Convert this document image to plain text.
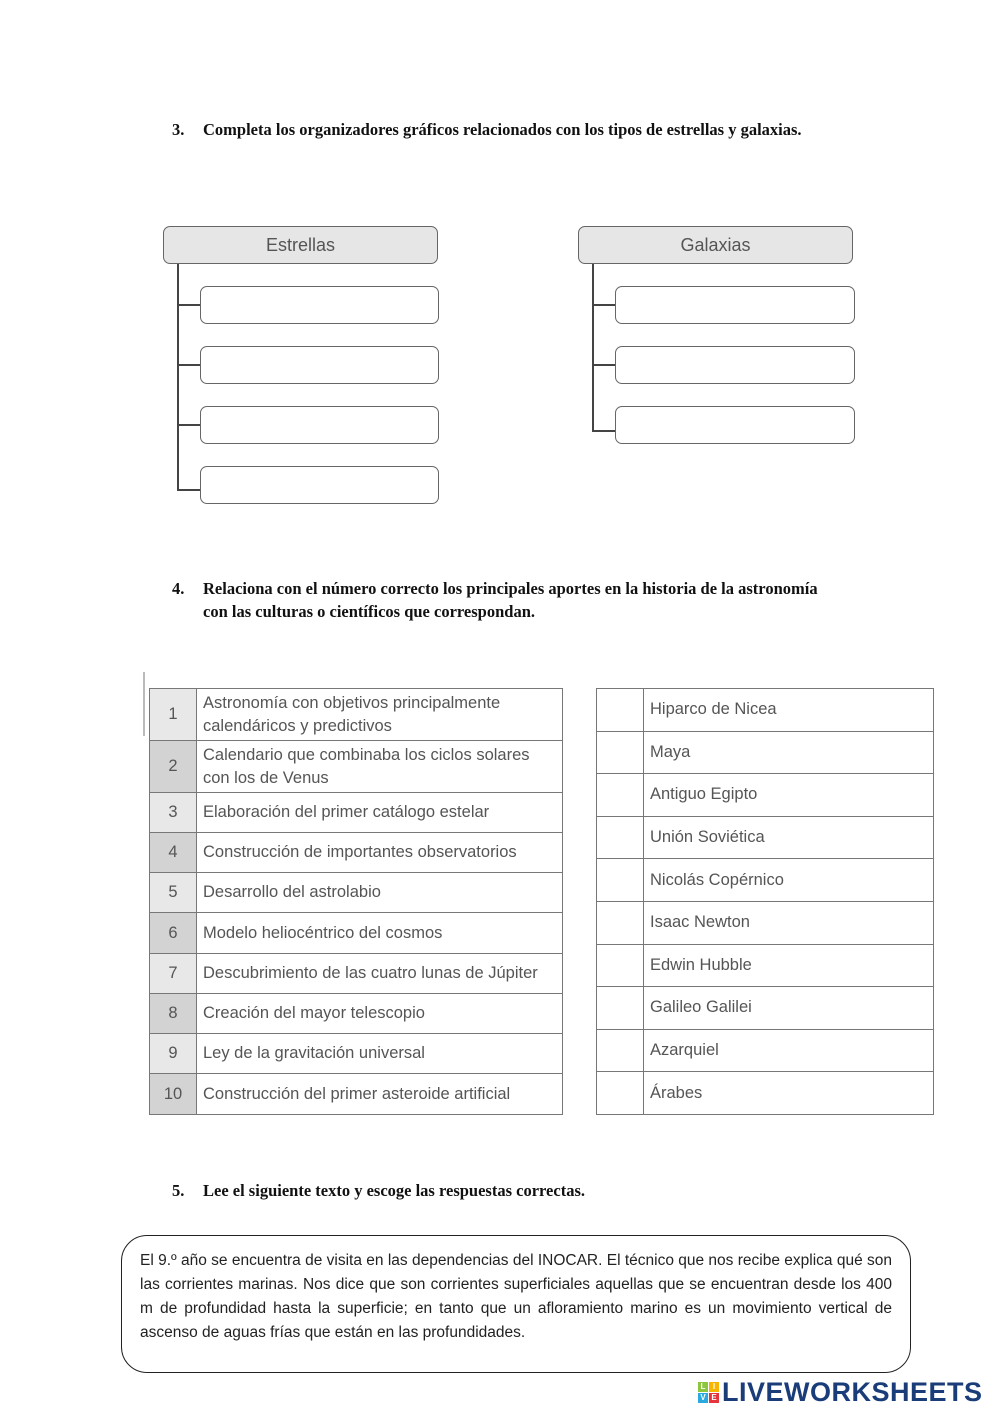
3. Completa los organizadores gráficos relacionados con los tipos de estrellas y galaxias.
Estrellas	Galaxias
4. Relaciona con el número correcto los principales aportes en la historia de la astronomía con las culturas o científicos que correspondan.
1	Astronomía con objetivos principalmente calendáricos y predictivos
2	Calendario que combinaba los ciclos solares con los de Venus
3	Elaboración del primer catálogo estelar
4	Construcción de importantes observatorios
5	Desarrollo del astrolabio
6	Modelo heliocéntrico del cosmos
7	Descubrimiento de las cuatro lunas de Júpiter
8	Creación del mayor telescopio
9	Ley de la gravitación universal
10	Construcción del primer asteroide artificial
	Hiparco de Nicea
	Maya
	Antiguo Egipto
	Unión Soviética
	Nicolás Copérnico
	Isaac Newton
	Edwin Hubble
	Galileo Galilei
	Azarquiel
	Árabes
5. Lee el siguiente texto y escoge las respuestas correctas.
El 9.º año se encuentra de visita en las dependencias del INOCAR. El técnico que nos recibe explica qué son las corrientes marinas. Nos dice que son corrientes superficiales aquellas que se encuentran desde los 400 m de profundidad hasta la superficie; en tanto que un afloramiento marino es un movimiento vertical de ascenso de aguas frías que están en las profundidades.
L I
V E LIVEWORKSHEETS
